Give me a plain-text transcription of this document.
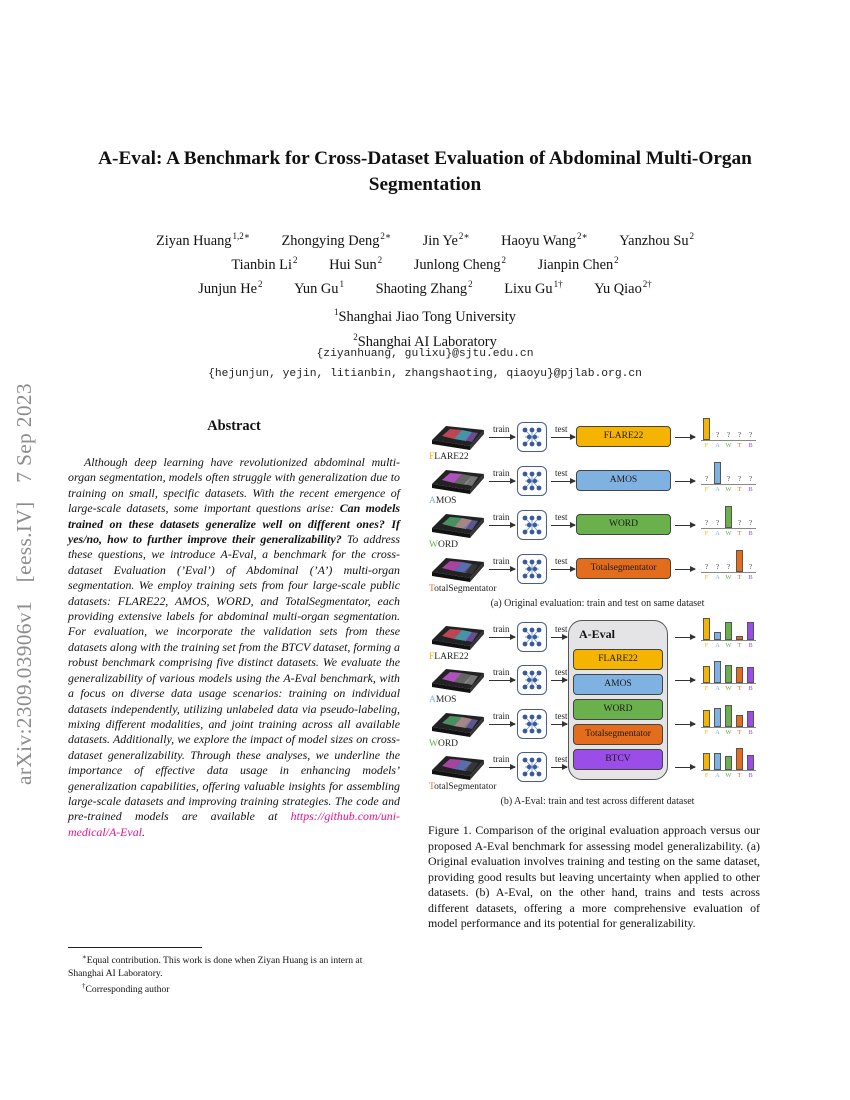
arXiv:2309.03906v1 [eess.IV] 7 Sep 2023
A-Eval: A Benchmark for Cross-Dataset Evaluation of Abdominal Multi-Organ Segmentation
Ziyan Huang$^{1,2∗}$ Zhongying Deng$^{2∗}$ Jin $Ye^{2∗}$ Haoyu Wang$^{2∗}$ Yanzhou Su$^2$
Tianbin Li$^2$ Hui Sun$^2$ Junlong Cheng$^2$ Jianpin Chen$^2$
Junjun He$^2$ Yun Gu$^1$ Shaoting Zhang$^2$ Lixu $Gu^{1\dagger}$ Yu Qiao$^{2\dagger}$
$^1$Shanghai Jiao Tong University
$^2$Shanghai AI Laboratory
{ziyanhuang, gulixu}@sjtu.edu.cn
{hejunjun, yejin, litianbin, zhangshaoting, qiaoyu}@pjlab.org.cn
Abstract

Although deep learning have revolutionized abdominal multi-organ segmentation, models often struggle with generalization due to training on small, specific datasets. With the recent emergence of large-scale datasets, some important questions arise: Can models trained on these datasets generalize well on different ones? If yes/no, how to further improve their generalizability? To address these questions, we introduce A-Eval, a benchmark for the cross-dataset Evaluation (’Eval’) of Abdominal (’A’) multi-organ segmentation. We employ training sets from four large-scale public datasets: FLARE22, AMOS, WORD, and TotalSegmentator, each providing extensive labels for abdominal multi-organ segmentation. For evaluation, we incorporate the validation sets from these datasets along with the training set from the BTCV dataset, forming a robust benchmark comprising five distinct datasets. We evaluate the generalizability of various models using the A-Eval benchmark, with a focus on diverse data usage scenarios: training on individual datasets independently, utilizing unlabeled data via pseudo-labeling, mixing different modalities, and joint training across all available datasets. Additionally, we explore the impact of model sizes on cross-dataset generalizability. Through these analyses, we underline the importance of effective data usage in enhancing models’ generalization capabilities, offering valuable insights for assembling large-scale datasets and improving training strategies. The code and pre-trained models are available at https://github.com/uni-medical/A-Eval.

∗Equal contribution. This work is done when Ziyan Huang is an intern at Shanghai AI Laboratory.

†Corresponding author

FLARE22
train	test
FLARE22
F
?
A
?
W
?
T
?
B
AMOS
train	test
AMOS	?
F	A
?
W
?
T
?
B
WORD
train	test
WORD	?
F
?
A W
?
T
?
B
TotalSegmentator
train	test
Totalsegmentator	?
F
?
A
?
W T
?
B
(a) Original evaluation: train and test on same dataset
A-Eval
FLARE22
AMOS
WORD
Totalsegmentator
BTCV
FLARE22
train	test
F	A W T	B
AMOS
train	test
F	A W T	B
WORD
train	test
F	A W T	B
TotalSegmentator
train	test
F	A W T	B
(b) A-Eval: train and test across different dataset

Figure 1. Comparison of the original evaluation approach versus our proposed A-Eval benchmark for assessing model generalizability. (a) Original evaluation involves training and testing on the same dataset, providing good results but leaving uncertainty when applied to other datasets. (b) A-Eval, on the other hand, trains and tests across different datasets, offering a more comprehensive evaluation of model performance and its potential for generalizability.
